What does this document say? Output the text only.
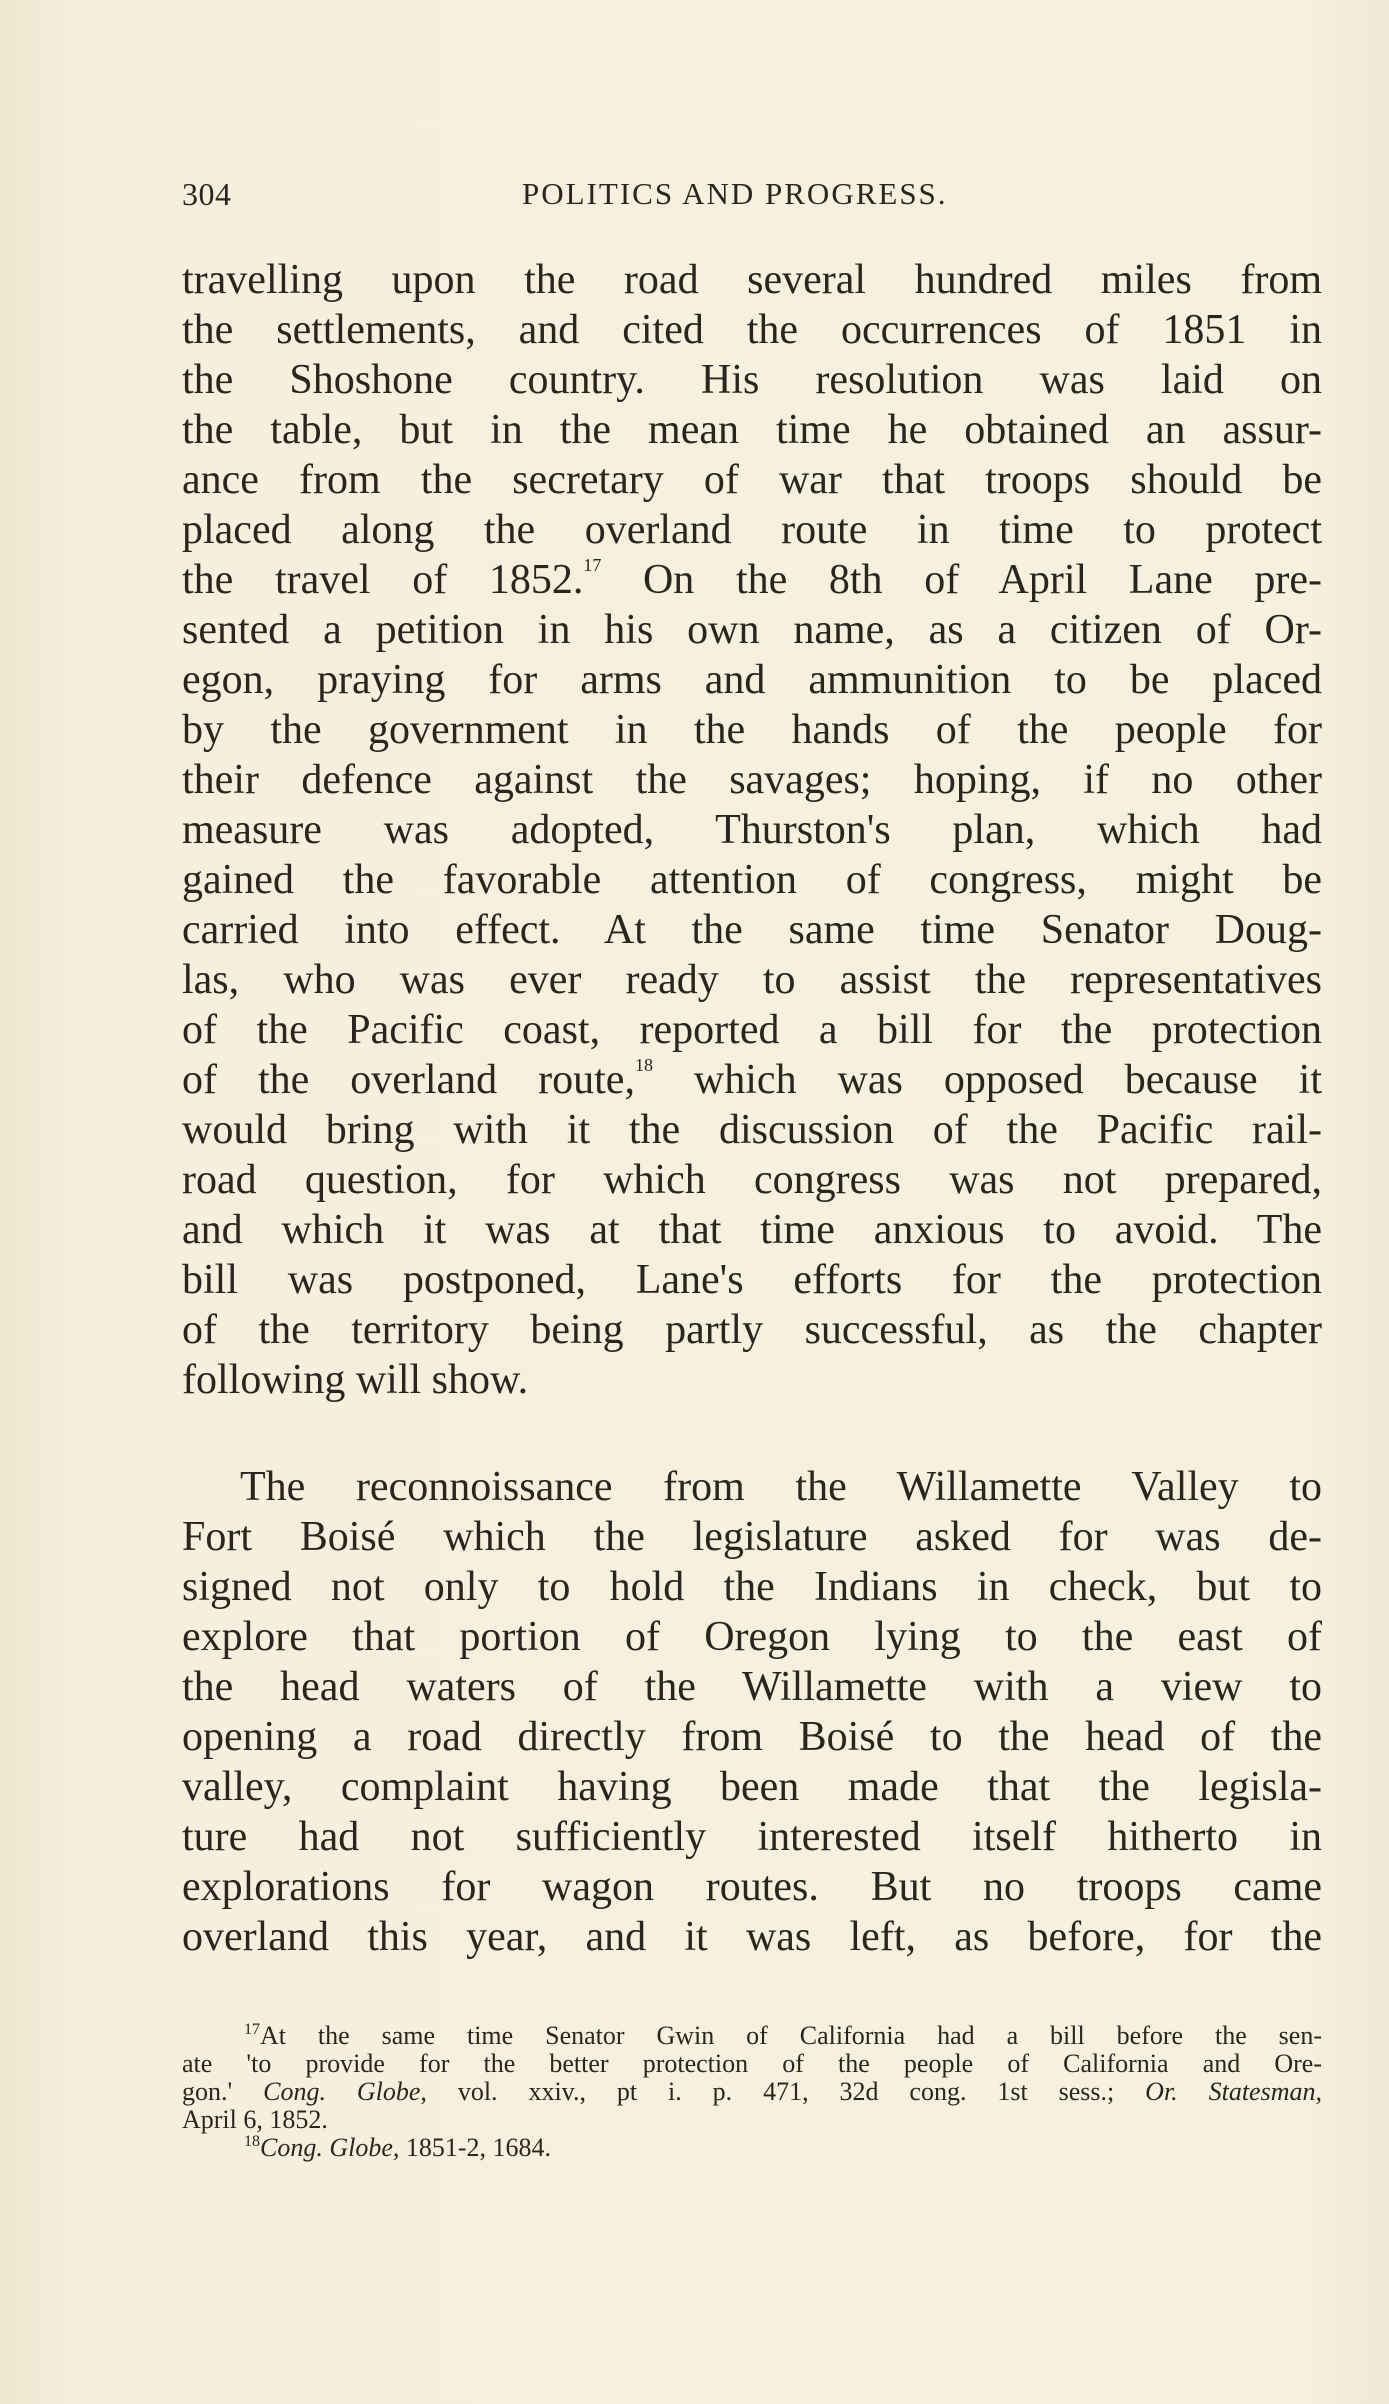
304	POLITICS AND PROGRESS.
travelling upon the road several hundred miles from
the settlements, and cited the occurrences of 1851 in
the Shoshone country. His resolution was laid on
the table, but in the mean time he obtained an assur-
ance from the secretary of war that troops should be
placed along the overland route in time to protect
the travel of 1852.17 On the 8th of April Lane pre-
sented a petition in his own name, as a citizen of Or-
egon, praying for arms and ammunition to be placed
by the government in the hands of the people for
their defence against the savages; hoping, if no other
measure was adopted, Thurston's plan, which had
gained the favorable attention of congress, might be
carried into effect. At the same time Senator Doug-
las, who was ever ready to assist the representatives
of the Pacific coast, reported a bill for the protection
of the overland route,$^{18}$ which was opposed because it
would bring with it the discussion of the Pacific rail-
road question, for which congress was not prepared,
and which it was at that time anxious to avoid. The
bill was postponed, Lane's efforts for the protection
of the territory being partly successful, as the chapter
following will show.
The reconnoissance from the Willamette Valley to
Fort Boisé which the legislature asked for was de-
signed not only to hold the Indians in check, but to
explore that portion of Oregon lying to the east of
the head waters of the Willamette with a view to
opening a road directly from Boisé to the head of the
valley, complaint having been made that the legisla-
ture had not sufficiently interested itself hitherto in
explorations for wagon routes. But no troops came
overland this year, and it was left, as before, for the
$^{17}$At the same time Senator Gwin of California had a bill before the sen-
ate 'to provide for the better protection of the people of California and Ore-
gon.' Cong. Globe, vol. xxiv., pt i. p. 471, 32d cong. 1st sess.; Or. Statesman,
April 6, 1852.
$^{18}$Cong. Globe, 1851-2, 1684.
